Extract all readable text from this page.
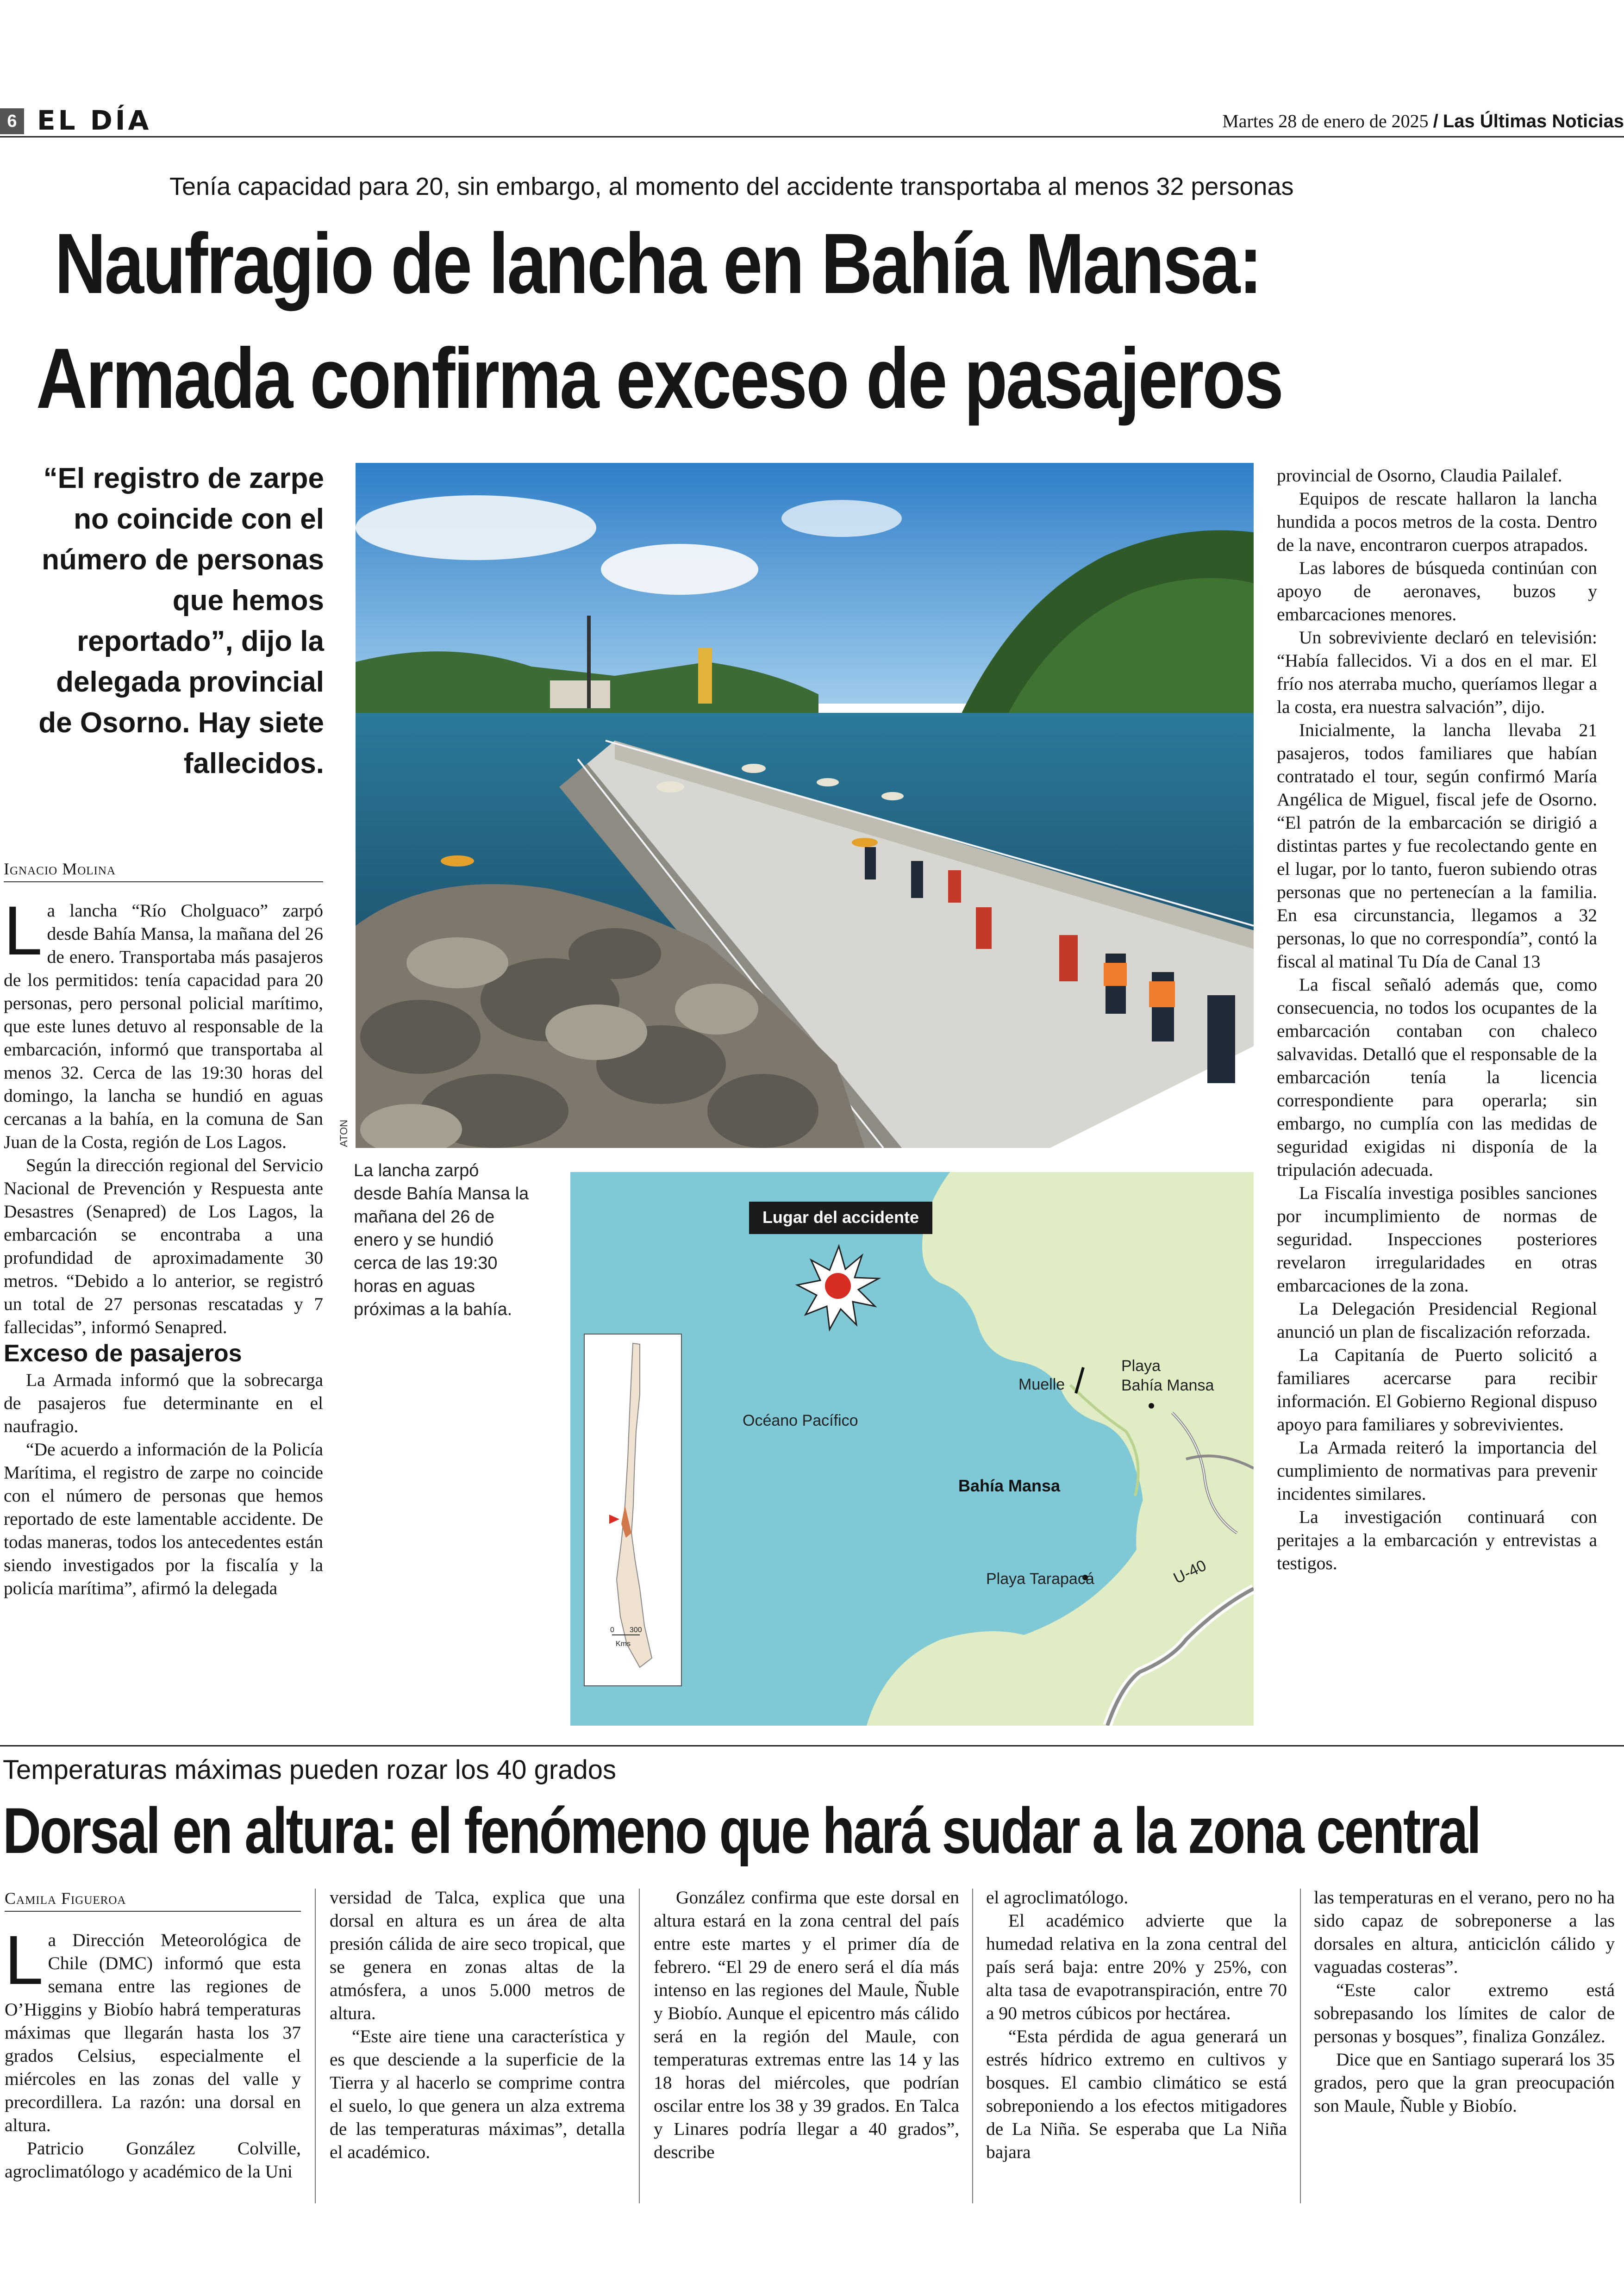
6 EL DÍA	Martes 28 de enero de 2025 / Las Últimas Noticias
Tenía capacidad para 20, sin embargo, al momento del accidente transportaba al menos 32 personas
Naufragio de lancha en Bahía Mansa:
Armada confirma exceso de pasajeros
“El registro de zarpe no coincide con el número de personas que hemos reportado”, dijo la delegada provincial de Osorno. Hay siete fallecidos.
Ignacio Molina

La lancha “Río Cholguaco” zarpó desde Bahía Mansa, la mañana del 26 de enero. Transportaba más pasajeros de los permitidos: tenía capacidad para 20 personas, pero personal policial marítimo, que este lunes detuvo al responsable de la embarcación, informó que transportaba al menos 32. Cerca de las 19:30 horas del domingo, la lancha se hundió en aguas cercanas a la bahía, en la comuna de San Juan de la Costa, región de Los Lagos.

Según la dirección regional del Servicio Nacional de Prevención y Respuesta ante Desastres (Senapred) de Los Lagos, la embarcación se encontraba a una profundidad de aproximadamente 30 metros. “Debido a lo anterior, se registró un total de 27 personas rescatadas y 7 fallecidas”, informó Senapred.

Exceso de pasajeros

La Armada informó que la sobrecarga de pasajeros fue determinante en el naufragio.

“De acuerdo a información de la Policía Marítima, el registro de zarpe no coincide con el número de personas que hemos reportado de este lamentable accidente. De todas maneras, todos los antecedentes están siendo investigados por la fiscalía y la policía marítima”, afirmó la delegada

ATON
La lancha zarpó desde Bahía Mansa la mañana del 26 de enero y se hundió cerca de las 19:30 horas en aguas próximas a la bahía.
Lugar del accidente
Océano Pacífico
Muelle
Playa
Bahía Mansa
Bahía Mansa
Playa Tarapacá	U-40
0 300
Kms

provincial de Osorno, Claudia Pailalef.

Equipos de rescate hallaron la lancha hundida a pocos metros de la costa. Dentro de la nave, encontraron cuerpos atrapados.

Las labores de búsqueda continúan con apoyo de aeronaves, buzos y embarcaciones menores.

Un sobreviviente declaró en televisión: “Había fallecidos. Vi a dos en el mar. El frío nos aterraba mucho, queríamos llegar a la costa, era nuestra salvación”, dijo.

Inicialmente, la lancha llevaba 21 pasajeros, todos familiares que habían contratado el tour, según confirmó María Angélica de Miguel, fiscal jefe de Osorno. “El patrón de la embarcación se dirigió a distintas partes y fue recolectando gente en el lugar, por lo tanto, fueron subiendo otras personas que no pertenecían a la familia. En esa circunstancia, llegamos a 32 personas, lo que no correspondía”, contó la fiscal al matinal Tu Día de Canal 13

La fiscal señaló además que, como consecuencia, no todos los ocupantes de la embarcación contaban con chaleco salvavidas. Detalló que el responsable de la embarcación tenía la licencia correspondiente para operarla; sin embargo, no cumplía con las medidas de seguridad exigidas ni disponía de la tripulación adecuada.

La Fiscalía investiga posibles sanciones por incumplimiento de normas de seguridad. Inspecciones posteriores revelaron irregularidades en otras embarcaciones de la zona.

La Delegación Presidencial Regional anunció un plan de fiscalización reforzada.

La Capitanía de Puerto solicitó a familiares acercarse para recibir información. El Gobierno Regional dispuso apoyo para familiares y sobrevivientes.

La Armada reiteró la importancia del cumplimiento de normativas para prevenir incidentes similares.

La investigación continuará con peritajes a la embarcación y entrevistas a testigos.

Temperaturas máximas pueden rozar los 40 grados
Dorsal en altura: el fenómeno que hará sudar a la zona central
Camila Figueroa

La Dirección Meteorológica de Chile (DMC) informó que esta semana entre las regiones de O’Higgins y Biobío habrá temperaturas máximas que llegarán hasta los 37 grados Celsius, especialmente el miércoles en las zonas del valle y precordillera. La razón: una dorsal en altura.

Patricio González Colville, agroclimatólogo y académico de la Uni

versidad de Talca, explica que una dorsal en altura es un área de alta presión cálida de aire seco tropical, que se genera en zonas altas de la atmósfera, a unos 5.000 metros de altura.

“Este aire tiene una característica y es que desciende a la superficie de la Tierra y al hacerlo se comprime contra el suelo, lo que genera un alza extrema de las temperaturas máximas”, detalla el académico.

González confirma que este dorsal en altura estará en la zona central del país entre este martes y el primer día de febrero. “El 29 de enero será el día más intenso en las regiones del Maule, Ñuble y Biobío. Aunque el epicentro más cálido será en la región del Maule, con temperaturas extremas entre las 14 y las 18 horas del miércoles, que podrían oscilar entre los 38 y 39 grados. En Talca y Linares podría llegar a 40 grados”, describe

el agroclimatólogo.

El académico advierte que la humedad relativa en la zona central del país será baja: entre 20% y 25%, con alta tasa de evapotranspiración, entre 70 a 90 metros cúbicos por hectárea.

“Esta pérdida de agua generará un estrés hídrico extremo en cultivos y bosques. El cambio climático se está sobreponiendo a los efectos mitigadores de La Niña. Se esperaba que La Niña bajara

las temperaturas en el verano, pero no ha sido capaz de sobreponerse a las dorsales en altura, anticiclón cálido y vaguadas costeras”.

“Este calor extremo está sobrepasando los límites de calor de personas y bosques”, finaliza González.

Dice que en Santiago superará los 35 grados, pero que la gran preocupación son Maule, Ñuble y Biobío.
